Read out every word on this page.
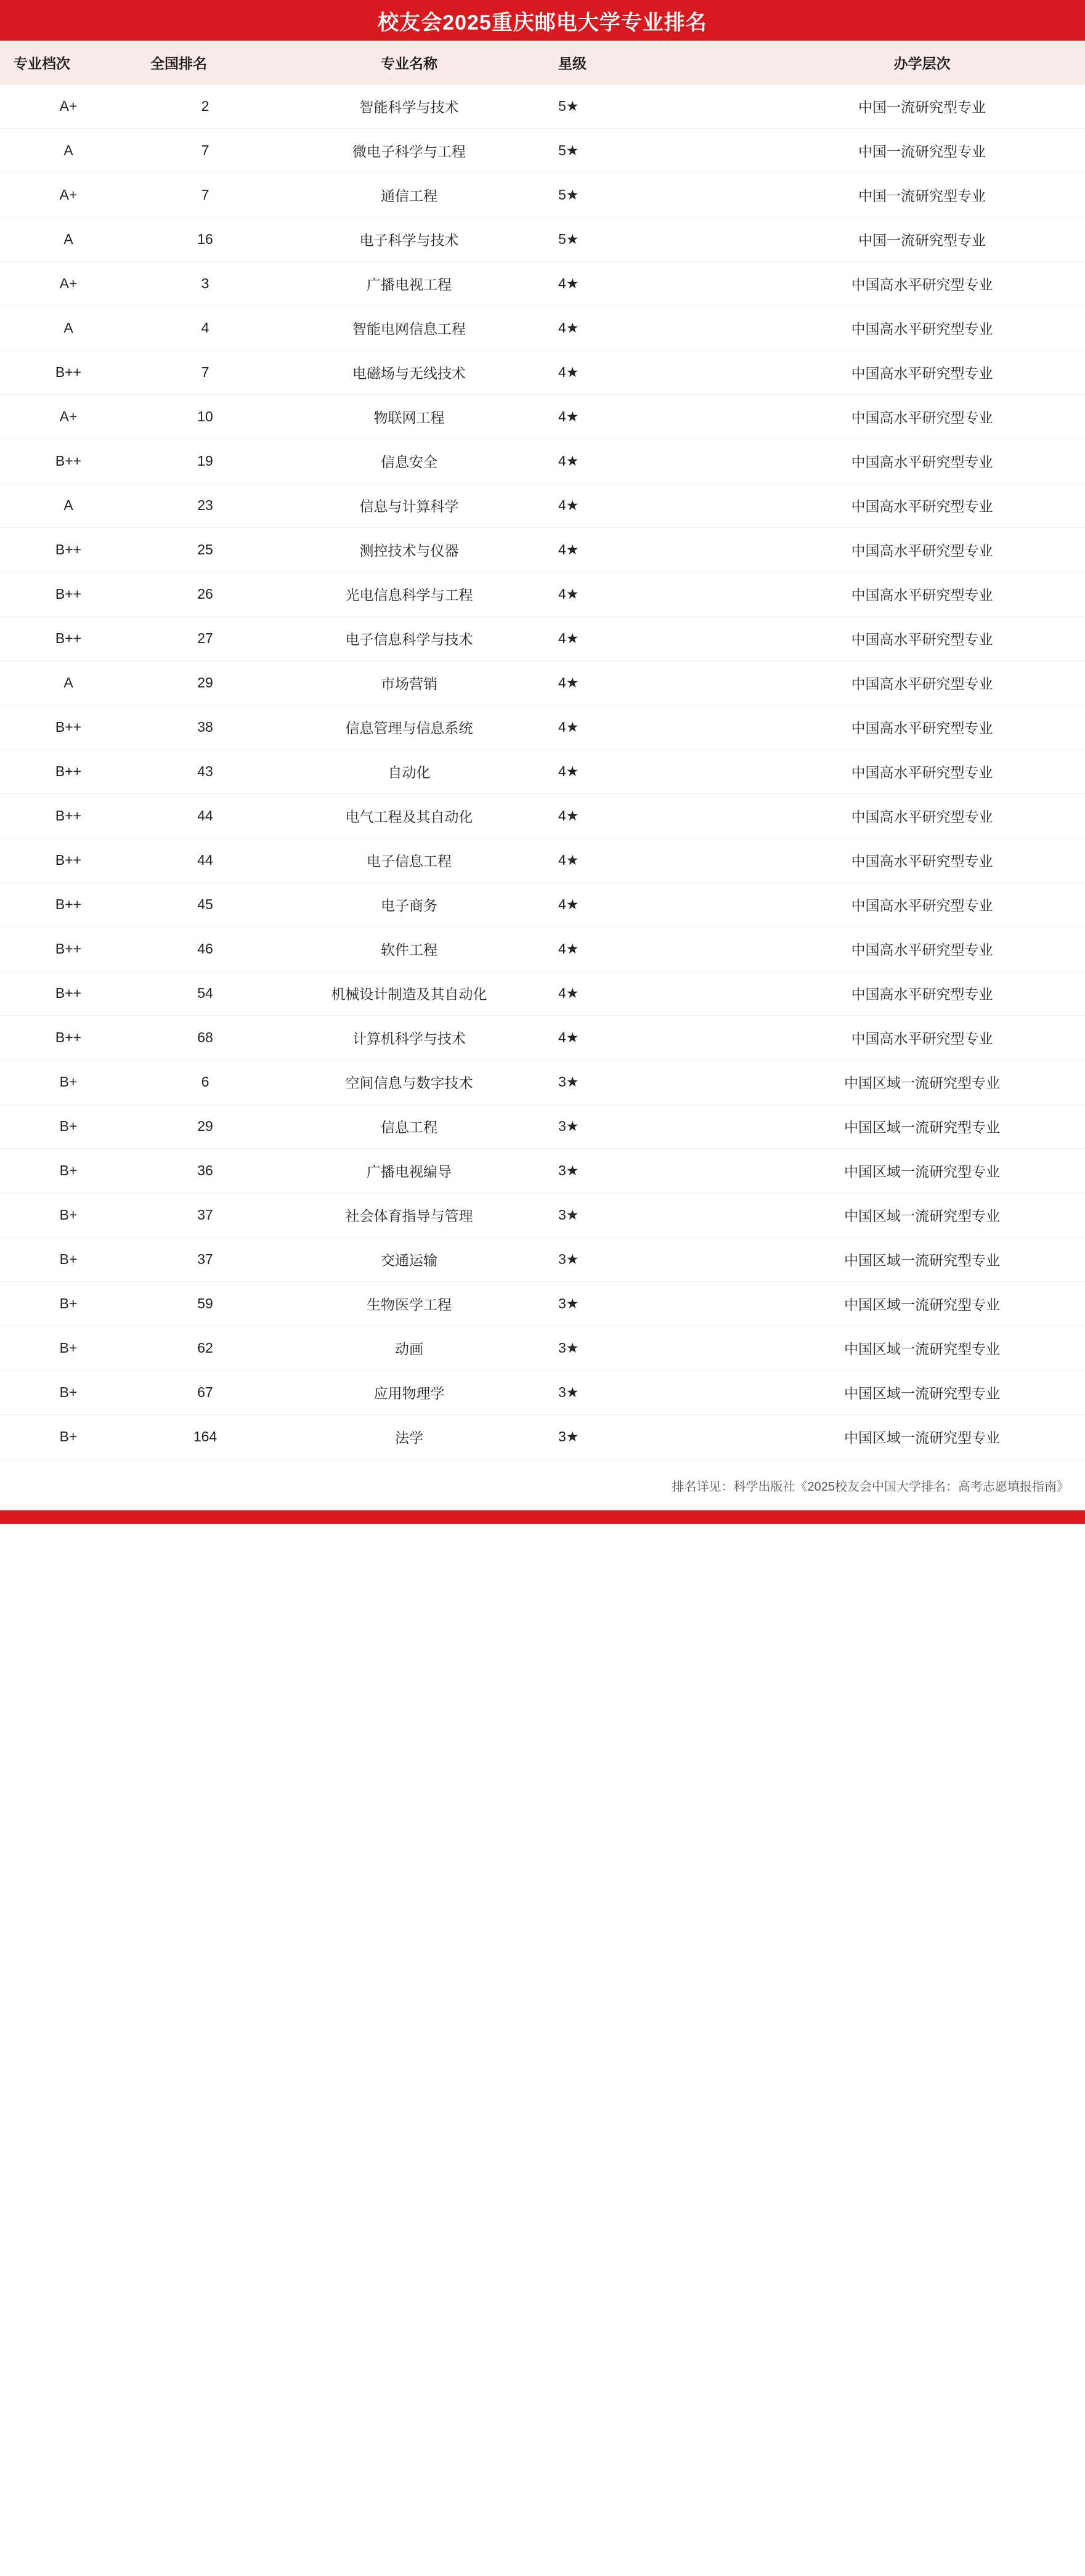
校友会2025重庆邮电大学专业排名
专业档次	全国排名	专业名称	星级	办学层次
A+	2	智能科学与技术	5★	中国一流研究型专业
A	7	微电子科学与工程	5★	中国一流研究型专业
A+	7	通信工程	5★	中国一流研究型专业
A	16	电子科学与技术	5★	中国一流研究型专业
A+	3	广播电视工程	4★	中国高水平研究型专业
A	4	智能电网信息工程	4★	中国高水平研究型专业
B++	7	电磁场与无线技术	4★	中国高水平研究型专业
A+	10	物联网工程	4★	中国高水平研究型专业
B++	19	信息安全	4★	中国高水平研究型专业
A	23	信息与计算科学	4★	中国高水平研究型专业
B++	25	测控技术与仪器	4★	中国高水平研究型专业
B++	26	光电信息科学与工程	4★	中国高水平研究型专业
B++	27	电子信息科学与技术	4★	中国高水平研究型专业
A	29	市场营销	4★	中国高水平研究型专业
B++	38	信息管理与信息系统	4★	中国高水平研究型专业
B++	43	自动化	4★	中国高水平研究型专业
B++	44	电气工程及其自动化	4★	中国高水平研究型专业
B++	44	电子信息工程	4★	中国高水平研究型专业
B++	45	电子商务	4★	中国高水平研究型专业
B++	46	软件工程	4★	中国高水平研究型专业
B++	54	机械设计制造及其自动化	4★	中国高水平研究型专业
B++	68	计算机科学与技术	4★	中国高水平研究型专业
B+	6	空间信息与数字技术	3★	中国区域一流研究型专业
B+	29	信息工程	3★	中国区域一流研究型专业
B+	36	广播电视编导	3★	中国区域一流研究型专业
B+	37	社会体育指导与管理	3★	中国区域一流研究型专业
B+	37	交通运输	3★	中国区域一流研究型专业
B+	59	生物医学工程	3★	中国区域一流研究型专业
B+	62	动画	3★	中国区域一流研究型专业
B+	67	应用物理学	3★	中国区域一流研究型专业
B+	164	法学	3★	中国区域一流研究型专业
排名详见：科学出版社《2025校友会中国大学排名：高考志愿填报指南》
